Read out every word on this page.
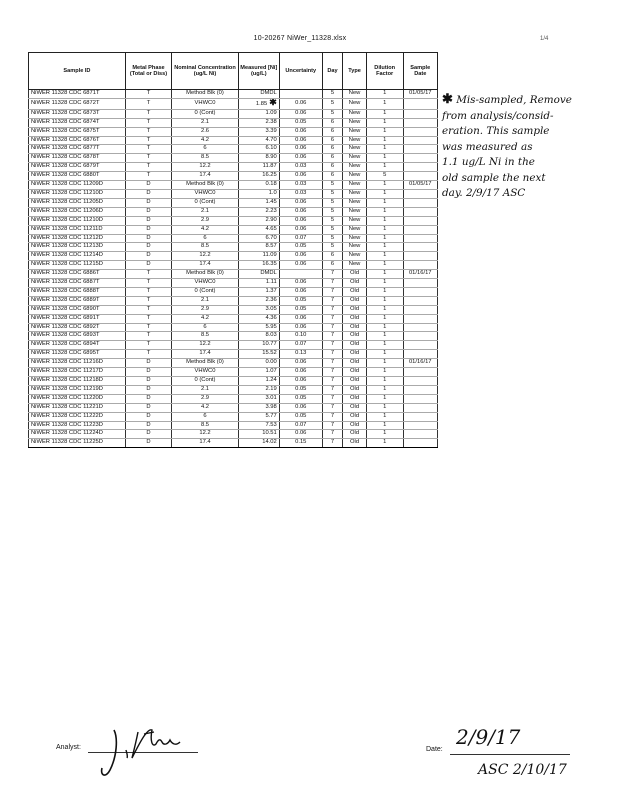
10-20267 NiWer_11328.xlsx	1/4
Sample ID	Metal Phase (Total or Diss)	Nominal Concentration (ug/L Ni)	Measured [Ni] (ug/L)	Uncertainty	Day	Type	Dilution Factor	Sample Date
NiWER 11328 CDC 6871T	T	Method Blk (0)	DMDL		5	New	1	01/05/17
NiWER 11328 CDC 6872T	T	VHWC0	1.85 ✱	0.06	5	New	1	
NiWER 11328 CDC 6873T	T	0 (Cont)	1.09	0.06	5	New	1	
NiWER 11328 CDC 6874T	T	2.1	2.38	0.05	6	New	1	
NiWER 11328 CDC 6875T	T	2.6	3.39	0.06	6	New	1	
NiWER 11328 CDC 6876T	T	4.2	4.70	0.06	6	New	1	
NiWER 11328 CDC 6877T	T	6	6.10	0.06	6	New	1	
NiWER 11328 CDC 6878T	T	8.5	8.90	0.06	6	New	1	
NiWER 11328 CDC 6879T	T	12.2	11.87	0.03	6	New	1	
NiWER 11328 CDC 6880T	T	17.4	16.25	0.06	6	New	5	
NiWER 11328 CDC 11209D	D	Method Blk (0)	0.18	0.03	5	New	1	01/05/17
NiWER 11328 CDC 11210D	D	VHWC0	1.0	0.03	5	New	1	
NiWER 11328 CDC 11205D	D	0 (Cont)	1.45	0.06	5	New	1	
NiWER 11328 CDC 11206D	D	2.1	2.23	0.06	5	New	1	
NiWER 11328 CDC 11210D	D	2.9	2.90	0.06	5	New	1	
NiWER 11328 CDC 11211D	D	4.2	4.65	0.06	5	New	1	
NiWER 11328 CDC 11212D	D	6	6.70	0.07	5	New	1	
NiWER 11328 CDC 11213D	D	8.5	8.57	0.05	5	New	1	
NiWER 11328 CDC 11214D	D	12.2	11.09	0.06	6	New	1	
NiWER 11328 CDC 11215D	D	17.4	16.35	0.06	6	New	1	
NiWER 11328 CDC 6886T	T	Method Blk (0)	DMDL		7	Old	1	01/16/17
NiWER 11328 CDC 6887T	T	VHWC0	1.11	0.06	7	Old	1	
NiWER 11328 CDC 6888T	T	0 (Cont)	1.37	0.06	7	Old	1	
NiWER 11328 CDC 6889T	T	2.1	2.36	0.05	7	Old	1	
NiWER 11328 CDC 6890T	T	2.9	3.05	0.05	7	Old	1	
NiWER 11328 CDC 6891T	T	4.2	4.36	0.06	7	Old	1	
NiWER 11328 CDC 6892T	T	6	5.95	0.06	7	Old	1	
NiWER 11328 CDC 6893T	T	8.5	8.03	0.10	7	Old	1	
NiWER 11328 CDC 6894T	T	12.2	10.77	0.07	7	Old	1	
NiWER 11328 CDC 6895T	T	17.4	15.52	0.13	7	Old	1	
NiWER 11328 CDC 11216D	D	Method Blk (0)	0.00	0.06	7	Old	1	01/16/17
NiWER 11328 CDC 11217D	D	VHWC0	1.07	0.06	7	Old	1	
NiWER 11328 CDC 11218D	D	0 (Cont)	1.24	0.06	7	Old	1	
NiWER 11328 CDC 11219D	D	2.1	2.19	0.05	7	Old	1	
NiWER 11328 CDC 11220D	D	2.9	3.01	0.05	7	Old	1	
NiWER 11328 CDC 11221D	D	4.2	3.98	0.06	7	Old	1	
NiWER 11328 CDC 11222D	D	6	5.77	0.05	7	Old	1	
NiWER 11328 CDC 11223D	D	8.5	7.53	0.07	7	Old	1	
NiWER 11328 CDC 11224D	D	12.2	10.51	0.06	7	Old	1	
NiWER 11328 CDC 11225D	D	17.4	14.02	0.15	7	Old	1	
✱ Mis-sampled, Remove
from analysis/consid-
eration. This sample
was measured as
1.1 ug/L Ni in the
old sample the next
day. 2/9/17 ASC
Analyst:	Date:
2/9/17
ASC 2/10/17
